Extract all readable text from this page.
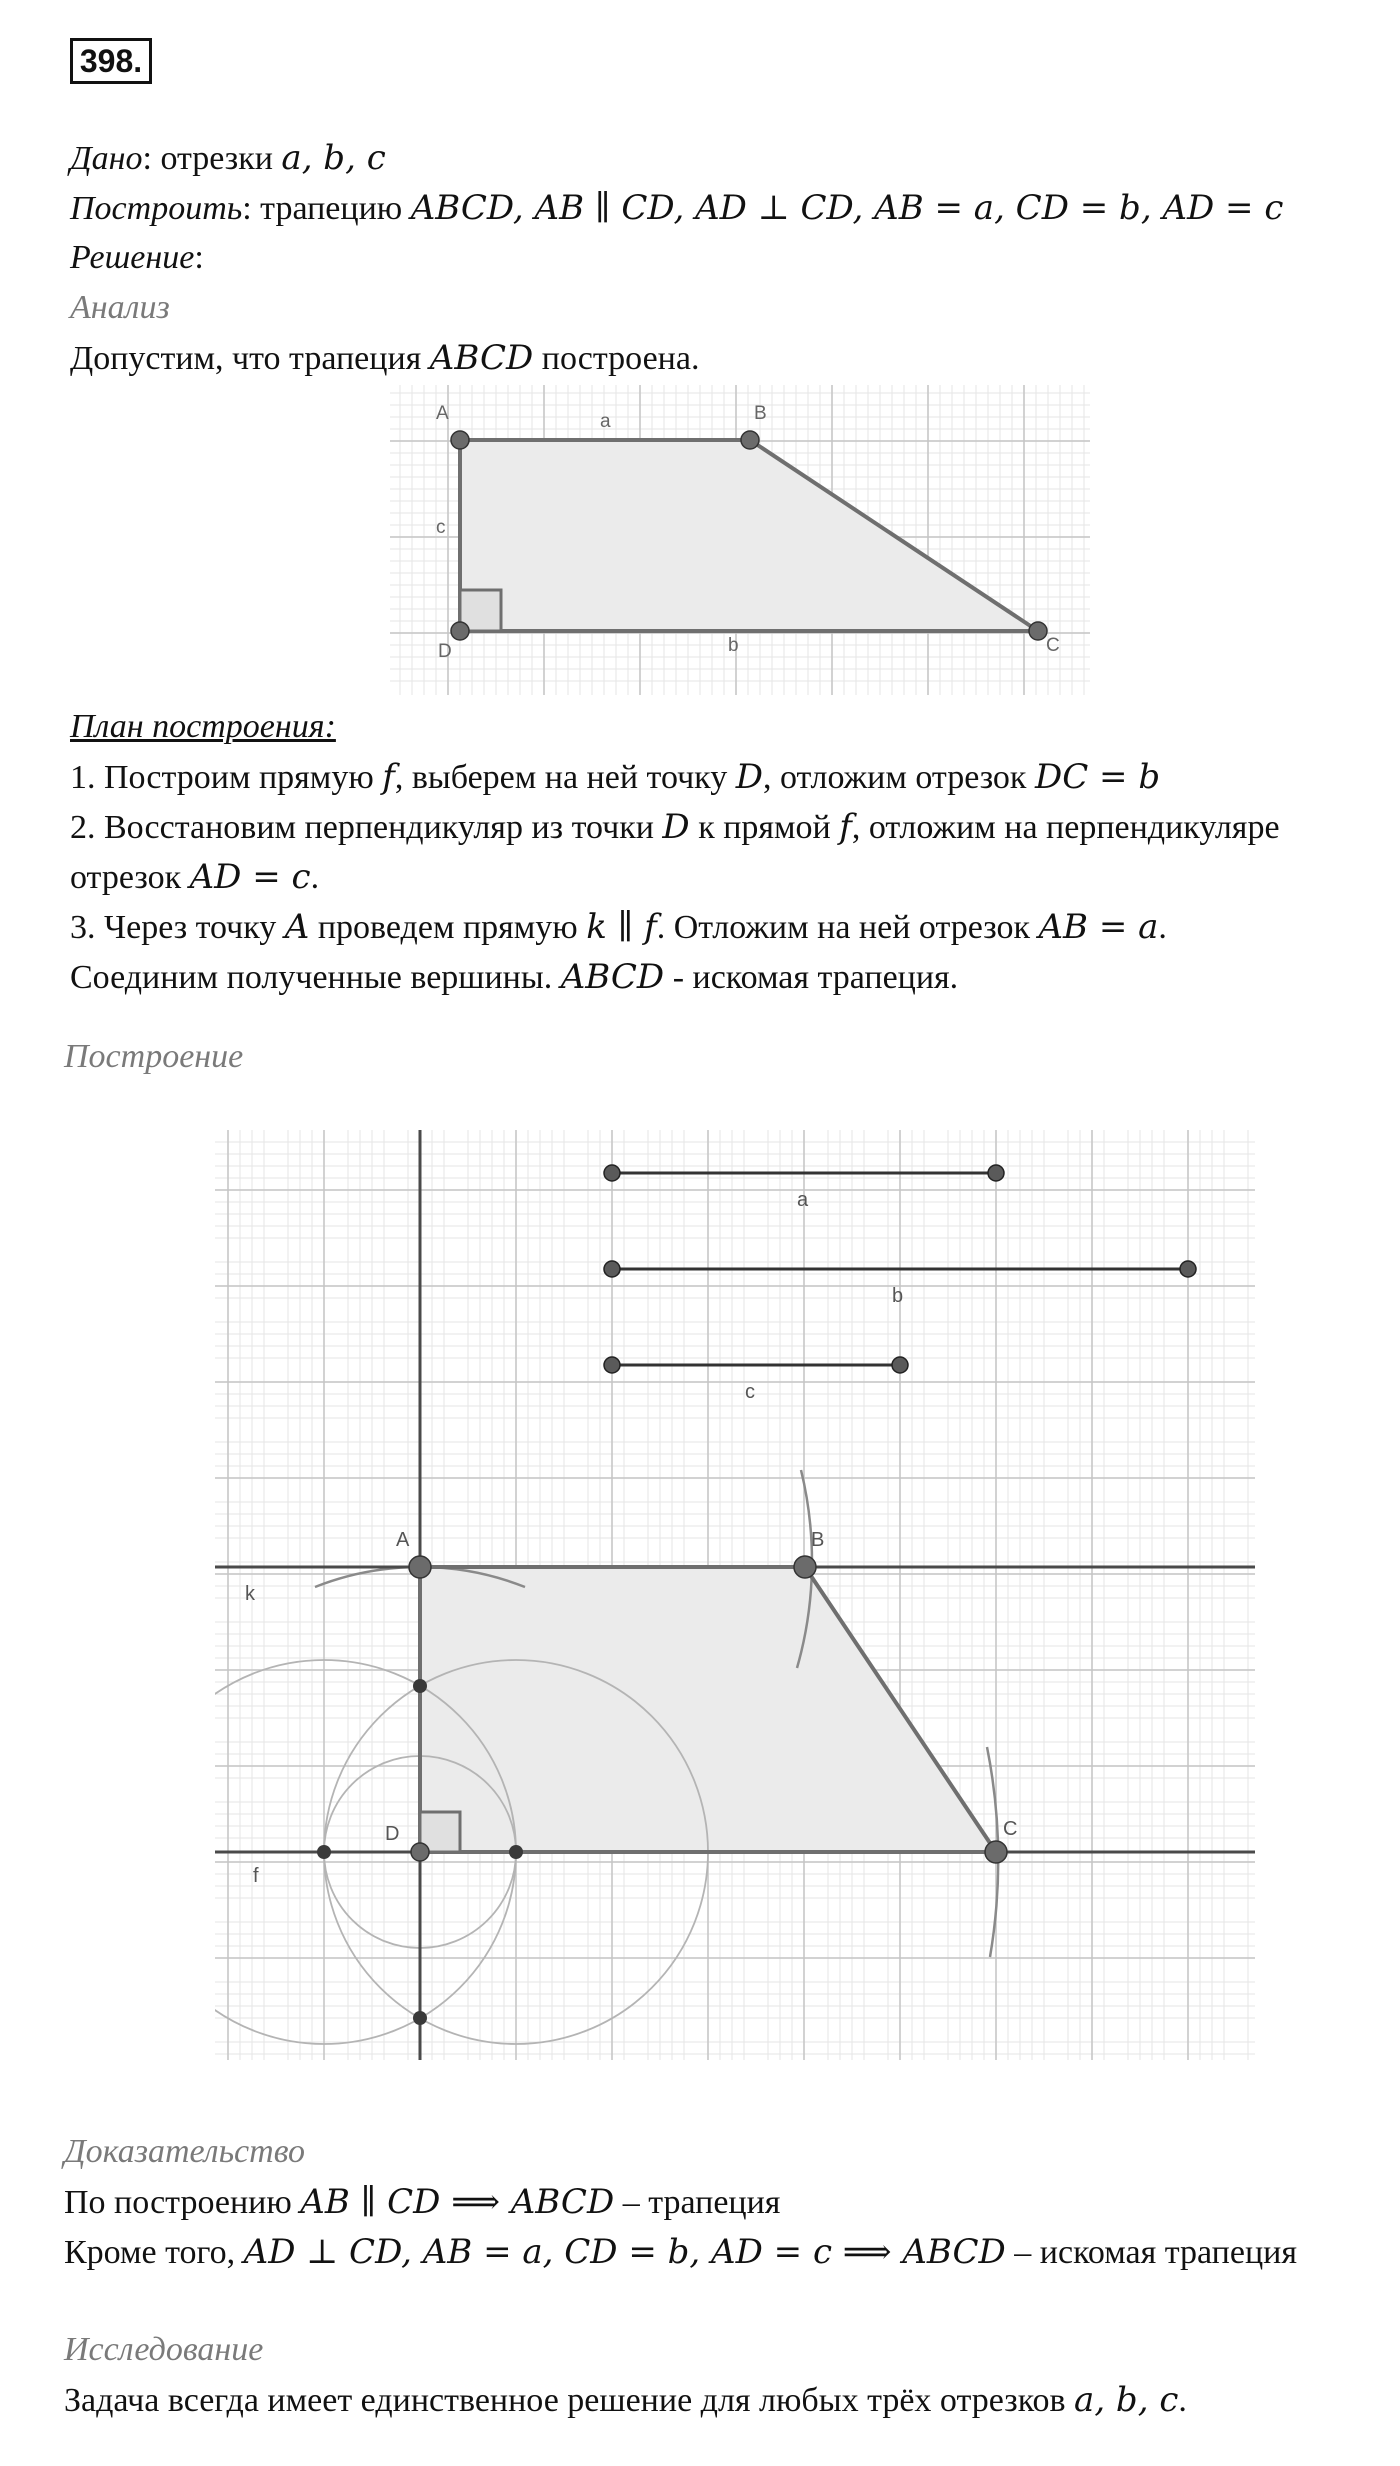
398.
Дано: отрезки a, b, c
Построить: трапецию ABCD, AB ∥ CD, AD ⊥ CD, AB = a, CD = b, AD = c
Решение:
Анализ
Допустим, что трапеция ABCD построена.
A	B
C
D
a
b
c
План построения:
1. Построим прямую f, выберем на ней точку D, отложим отрезок DC = b
2. Восстановим перпендикуляр из точки D к прямой f, отложим на перпендикуляре
отрезок AD = c.
3. Через точку A проведем прямую k ∥ f. Отложим на ней отрезок AB = a.
Соединим полученные вершины. ABCD - искомая трапеция.
Построение
A	B
C
D
a
b
c
k
f
Доказательство
По построению AB ∥ CD ⟹ ABCD – трапеция
Кроме того, AD ⊥ CD, AB = a, CD = b, AD = c ⟹ ABCD – искомая трапеция
Исследование
Задача всегда имеет единственное решение для любых трёх отрезков a, b, c.
